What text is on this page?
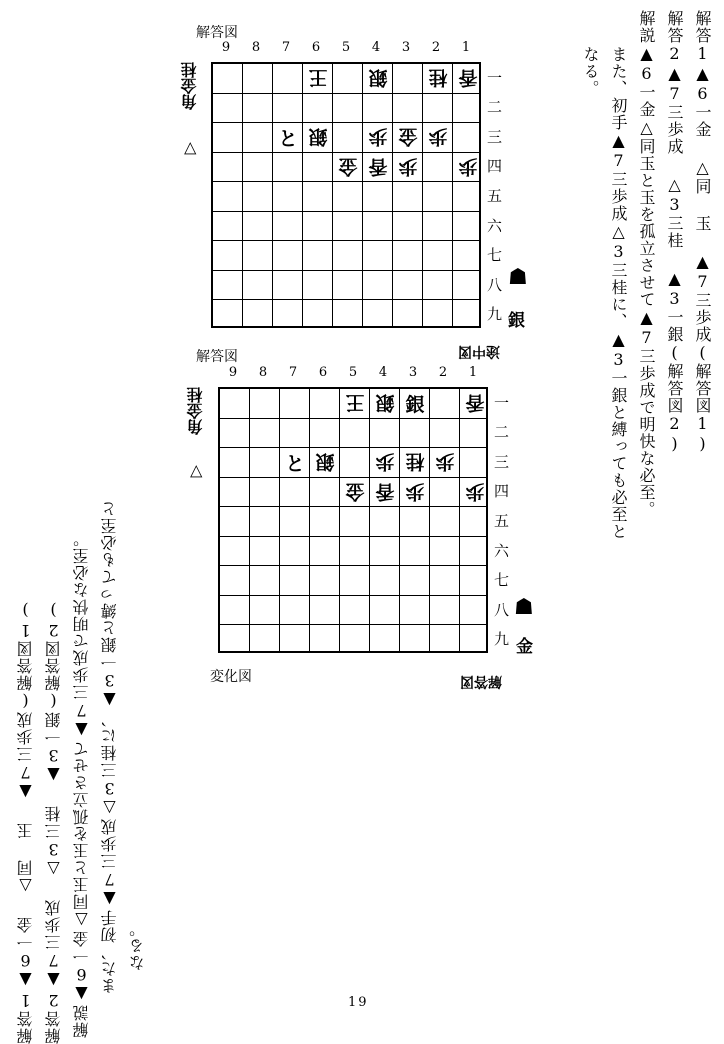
解答1▲6一金 △同 玉 ▲7三歩成(解答図1)
解答2▲7三歩成 △3三桂 ▲3一銀(解答図2)
解説▲6一金△同玉と玉を孤立させて▲7三歩成で明快な必至。
また、初手▲7三歩成△3三桂に、▲3一銀と縛っても必至と
なる。
解答図
9	8	7	6	5	4	3	2	1
王 銀 桂 香
と 銀 歩 金 歩
金 香 歩 歩
一
二
三
四
五
六
七
八
九
角金桂
▽
☗
銀
途中図
解答図
9	8	7	6	5	4	3	2	1
王 銀 銀 香
と 銀 歩 桂 歩
金 香 歩 歩
一
二
三
四
五
六
七
八
九
角金桂
▽
☗
金
変化図	解答図
解答1▲6一金 △同 玉 ▲7三歩成(解答図1) 解答2▲7三歩成 △3三桂 ▲3一銀(解答図2) 解説▲6一金△同玉と玉を孤立させて▲7三歩成で明快な必至。 また、初手▲7三歩成△3三桂に、▲3一銀と縛っても必至と なる。
19
